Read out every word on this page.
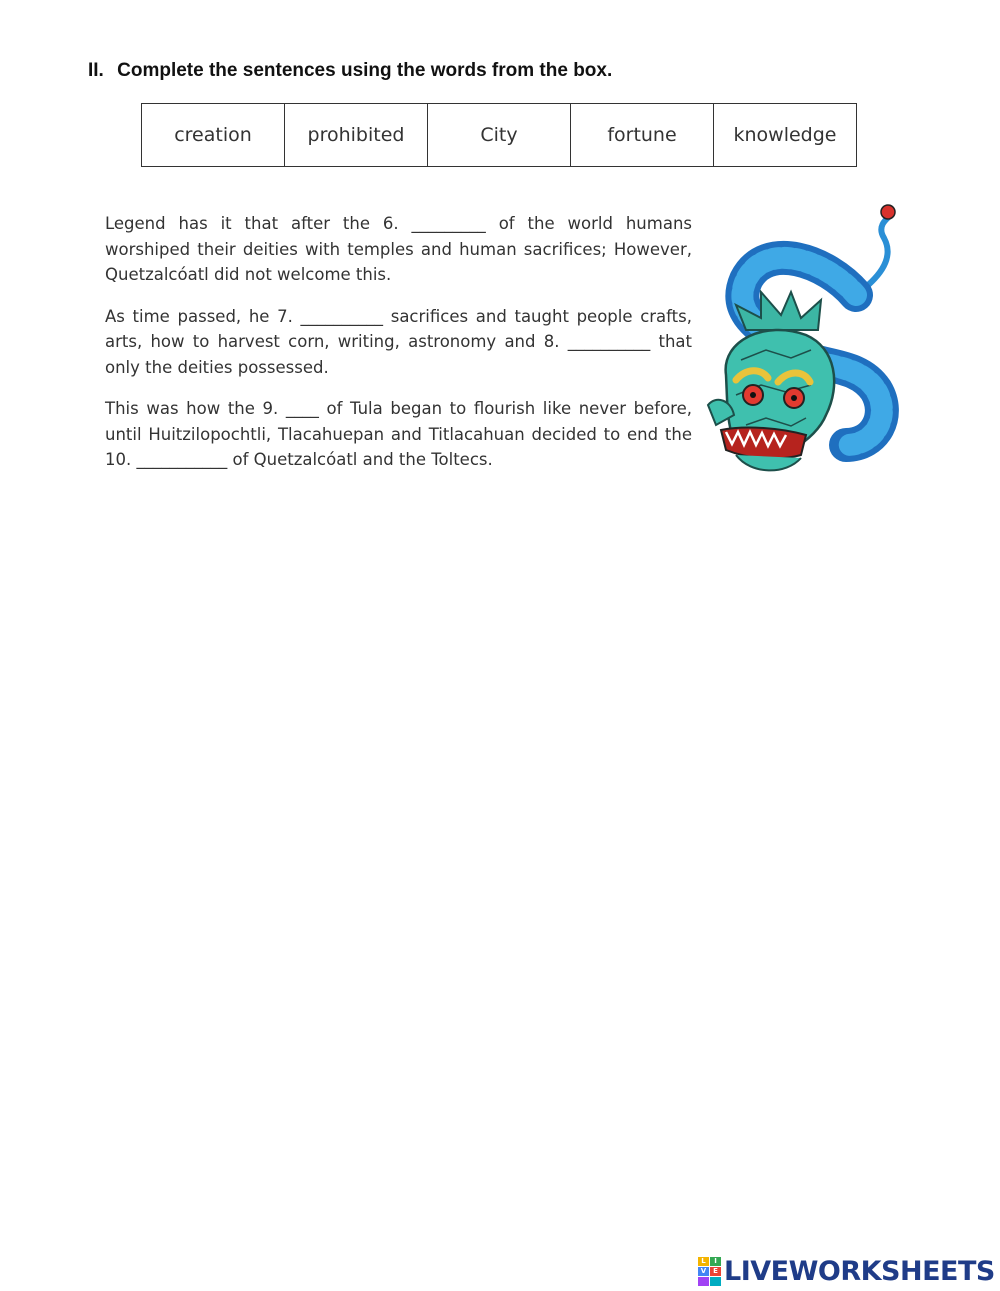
II. Complete the sentences using the words from the box.
creation	prohibited	City	fortune	knowledge

Legend has it that after the 6. _________ of the world humans worshiped their deities with temples and human sacrifices; However, Quetzalcóatl did not welcome this.

As time passed, he 7. __________ sacrifices and taught people crafts, arts, how to harvest corn, writing, astronomy and 8. __________ that only the deities possessed.

This was how the 9. ____ of Tula began to flourish like never before, until Huitzilopochtli, Tlacahuepan and Titlacahuan decided to end the 10. ___________ of Quetzalcóatl and the Toltecs.

L	I
V E LIVEWORKSHEETS
